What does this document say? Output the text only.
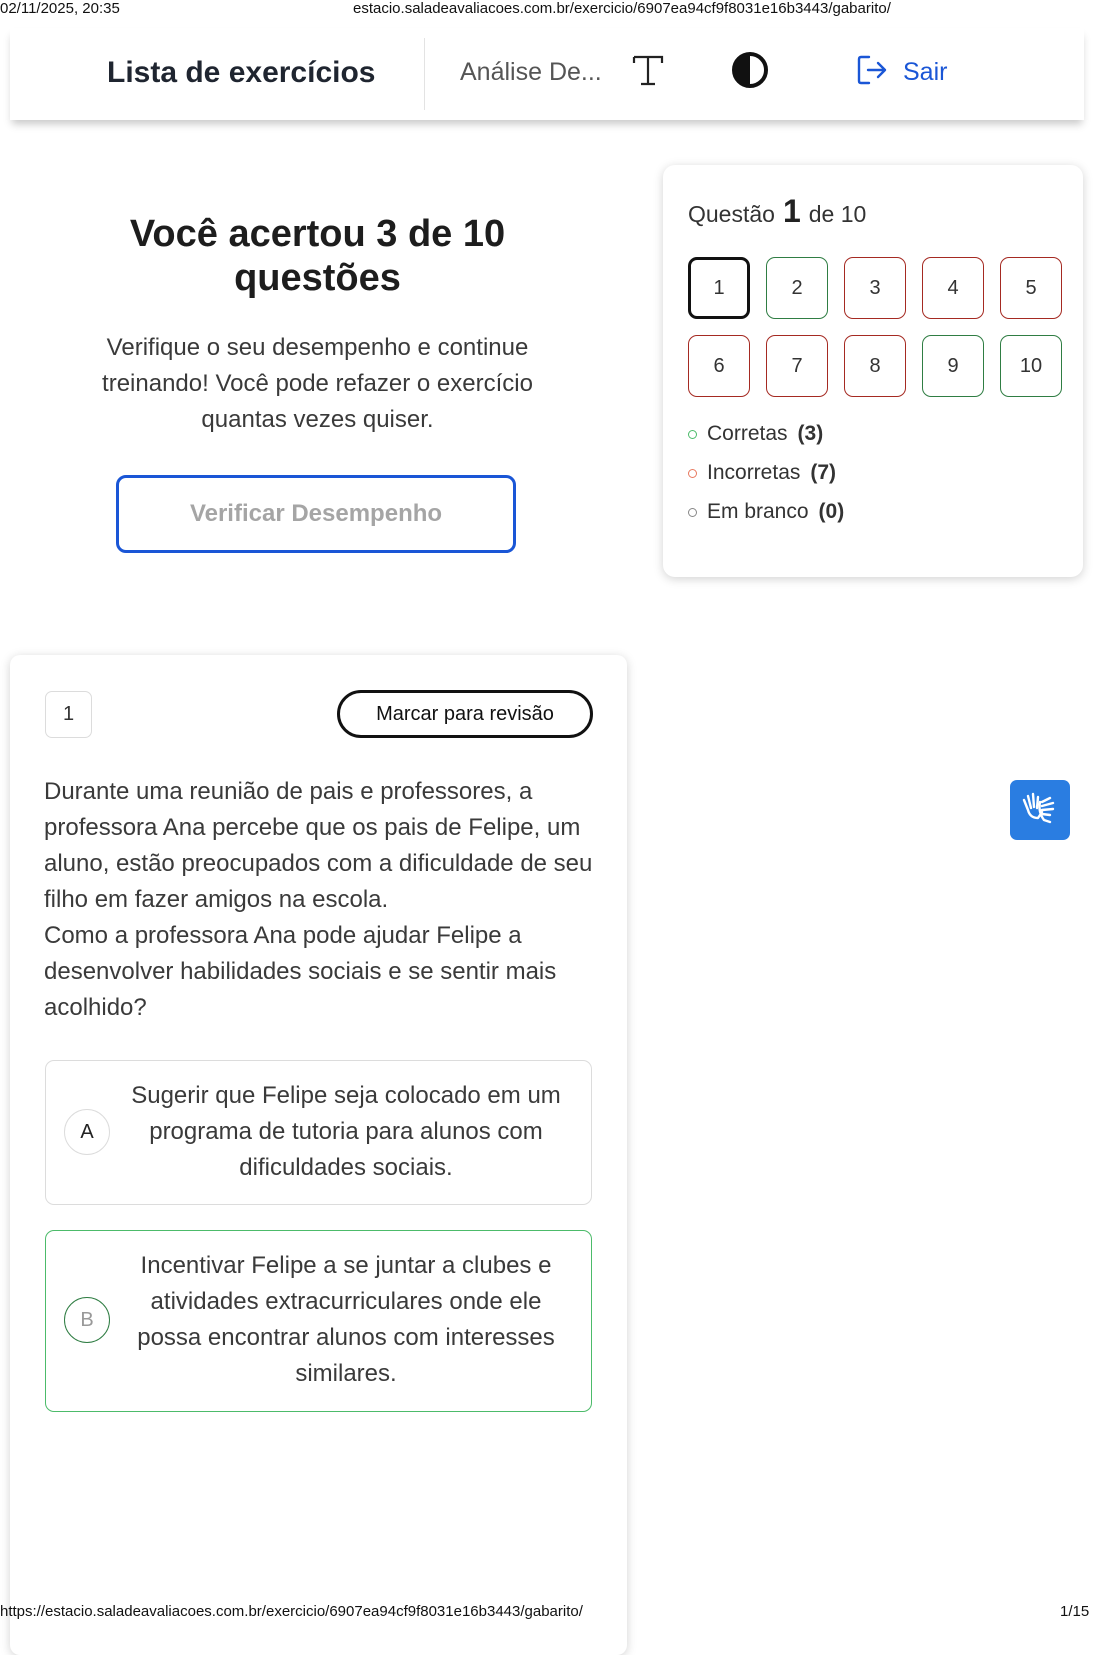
02/11/2025, 20:35	estacio.saladeavaliacoes.com.br/exercicio/6907ea94cf9f8031e16b3443/gabarito/
Lista de exercícios	Análise De...	Sair
Você acertou 3 de 10 questões
Verifique o seu desempenho e continue treinando! Você pode refazer o exercício quantas vezes quiser.
Verificar Desempenho
Questão 1 de 10
1	2	3	4	5
6	7	8	9	10
Corretas (3)
Incorretas (7)
Em branco (0)
1	Marcar para revisão
Durante uma reunião de pais e professores, a professora Ana percebe que os pais de Felipe, um aluno, estão preocupados com a dificuldade de seu filho em fazer amigos na escola.
Como a professora Ana pode ajudar Felipe a desenvolver habilidades sociais e se sentir mais acolhido?
A
Sugerir que Felipe seja colocado em um programa de tutoria para alunos com dificuldades sociais.
B
Incentivar Felipe a se juntar a clubes e atividades extracurriculares onde ele possa encontrar alunos com interesses similares.
https://estacio.saladeavaliacoes.com.br/exercicio/6907ea94cf9f8031e16b3443/gabarito/	1/15
